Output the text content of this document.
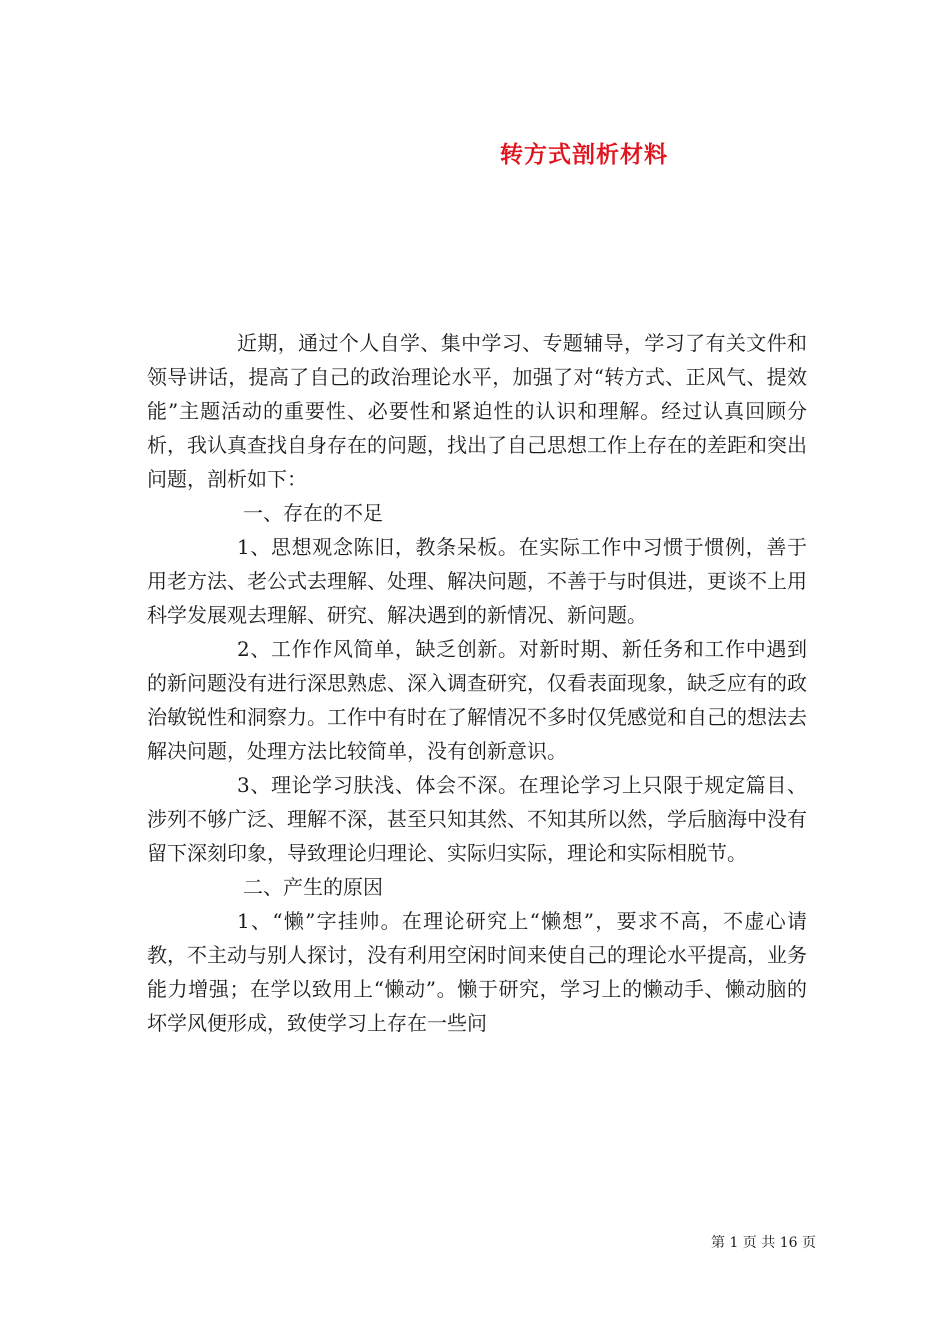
转方式剖析材料

近期，通过个人自学、集中学习、专题辅导，学习了有关文件和领导讲话，提高了自己的政治理论水平，加强了对“转方式、正风气、提效能”主题活动的重要性、必要性和紧迫性的认识和理解。经过认真回顾分析，我认真查找自身存在的问题，找出了自己思想工作上存在的差距和突出问题，剖析如下：

一、存在的不足

1、思想观念陈旧，教条呆板。在实际工作中习惯于惯例，善于用老方法、老公式去理解、处理、解决问题，不善于与时俱进，更谈不上用科学发展观去理解、研究、解决遇到的新情况、新问题。

2、工作作风简单，缺乏创新。对新时期、新任务和工作中遇到的新问题没有进行深思熟虑、深入调查研究，仅看表面现象，缺乏应有的政治敏锐性和洞察力。工作中有时在了解情况不多时仅凭感觉和自己的想法去解决问题，处理方法比较简单，没有创新意识。

3、理论学习肤浅、体会不深。在理论学习上只限于规定篇目、涉列不够广泛、理解不深，甚至只知其然、不知其所以然，学后脑海中没有留下深刻印象，导致理论归理论、实际归实际，理论和实际相脱节。

二、产生的原因

1、“懒”字挂帅。在理论研究上“懒想”，要求不高，不虚心请教，不主动与别人探讨，没有利用空闲时间来使自己的理论水平提高，业务能力增强；在学以致用上“懒动”。懒于研究，学习上的懒动手、懒动脑的坏学风便形成，致使学习上存在一些问

第 1 页 共 16 页
